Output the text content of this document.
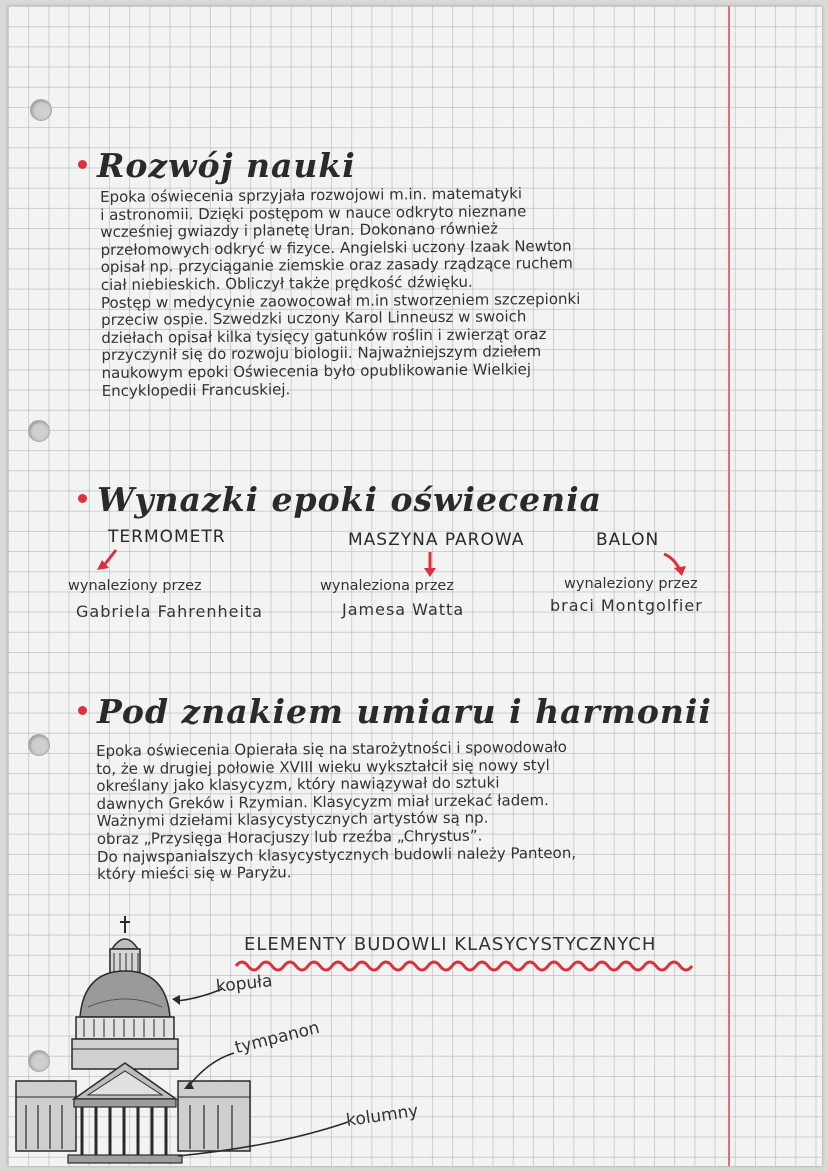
Rozwój nauki

Epoka oświecenia sprzyjała rozwojowi m.in. matematyki

i astronomii. Dzięki postępom w nauce odkryto nieznane

wcześniej gwiazdy i planetę Uran. Dokonano również

przełomowych odkryć w fizyce. Angielski uczony Izaak Newton

opisał np. przyciąganie ziemskie oraz zasady rządzące ruchem

ciał niebieskich. Obliczył także prędkość dźwięku.

Postęp w medycynie zaowocował m.in stworzeniem szczepionki

przeciw ospie. Szwedzki uczony Karol Linneusz w swoich

dziełach opisał kilka tysięcy gatunków roślin i zwierząt oraz

przyczynił się do rozwoju biologii. Najważniejszym dziełem

naukowym epoki Oświecenia było opublikowanie Wielkiej

Encyklopedii Francuskiej.

Wynazki epoki oświecenia
TERMOMETR	MASZYNA PAROWA	BALON
wynaleziony przez
Gabriela Fahrenheita
wynaleziona przez
Jamesa Watta
wynaleziony przez
braci Montgolfier
Pod znakiem umiaru i harmonii

Epoka oświecenia Opierała się na starożytności i spowodowało

to, że w drugiej połowie XVIII wieku wykształcił się nowy styl

określany jako klasycyzm, który nawiązywał do sztuki

dawnych Greków i Rzymian. Klasycyzm miał urzekać ładem.

Ważnymi dziełami klasycystycznych artystów są np.

obraz „Przysięga Horacjuszy lub rzeźba „Chrystus”.

Do najwspanialszych klasycystycznych budowli należy Panteon,

który mieści się w Paryżu.

ELEMENTY BUDOWLI KLASYCYSTYCZNYCH
kopuła
tympanon
kolumny
